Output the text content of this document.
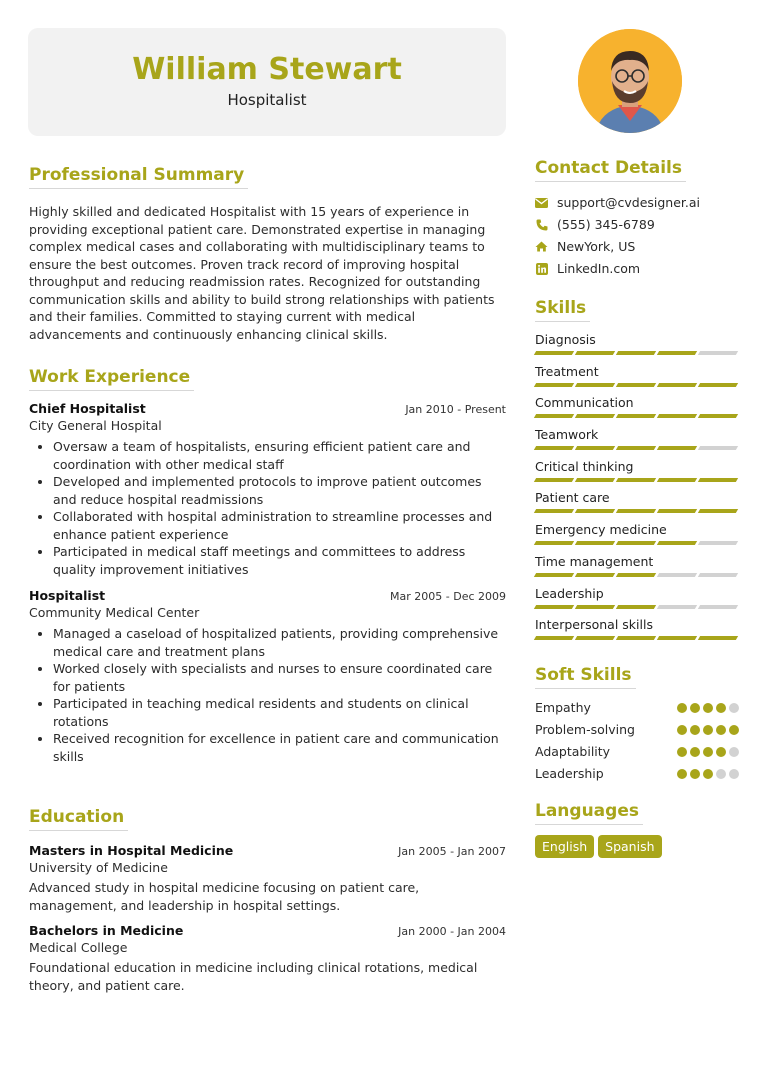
William Stewart
Hospitalist
Professional Summary

Highly skilled and dedicated Hospitalist with 15 years of experience in providing exceptional patient care. Demonstrated expertise in managing complex medical cases and collaborating with multidisciplinary teams to ensure the best outcomes. Proven track record of improving hospital throughput and reducing readmission rates. Recognized for outstanding communication skills and ability to build strong relationships with patients and their families. Committed to staying current with medical advancements and continuously enhancing clinical skills.

Work Experience
Chief Hospitalist	Jan 2010 - Present
City General Hospital
• Oversaw a team of hospitalists, ensuring efficient patient care and coordination with other medical staff
• Developed and implemented protocols to improve patient outcomes and reduce hospital readmissions
• Collaborated with hospital administration to streamline processes and enhance patient experience
• Participated in medical staff meetings and committees to address quality improvement initiatives
Hospitalist	Mar 2005 - Dec 2009
Community Medical Center
• Managed a caseload of hospitalized patients, providing comprehensive medical care and treatment plans
• Worked closely with specialists and nurses to ensure coordinated care for patients
• Participated in teaching medical residents and students on clinical rotations
• Received recognition for excellence in patient care and communication skills
Education
Masters in Hospital Medicine	Jan 2005 - Jan 2007
University of Medicine

Advanced study in hospital medicine focusing on patient care, management, and leadership in hospital settings.

Bachelors in Medicine	Jan 2000 - Jan 2004
Medical College

Foundational education in medicine including clinical rotations, medical theory, and patient care.

Contact Details
support@cvdesigner.ai
(555) 345-6789
NewYork, US
LinkedIn.com
Skills
Diagnosis
Treatment
Communication
Teamwork
Critical thinking
Patient care
Emergency medicine
Time management
Leadership
Interpersonal skills
Soft Skills
Empathy
Problem-solving
Adaptability
Leadership
Languages
English	Spanish
